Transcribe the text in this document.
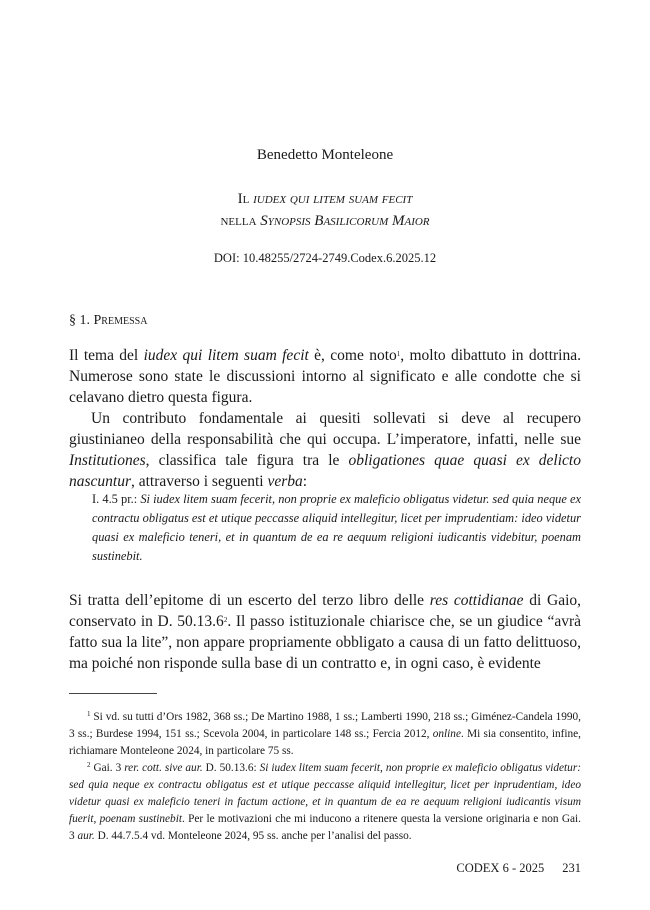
Benedetto Monteleone
Il iudex qui litem suam fecit
nella Synopsis Basilicorum Maior
DOI: 10.48255/2724-2749.Codex.6.2025.12
§ 1. Premessa

Il tema del iudex qui litem suam fecit è, come noto$^1$, molto dibattuto in dottrina. Numerose sono state le discussioni intorno al significato e alle condotte che si celavano dietro questa figura.

Un contributo fondamentale ai quesiti sollevati si deve al recupero giustinianeo della responsabilità che qui occupa. L’imperatore, infatti, nelle sue Institutiones, classifica tale figura tra le obligationes quae quasi ex delicto nascuntur, attraverso i seguenti verba:

I. 4.5 pr.: Si iudex litem suam fecerit, non proprie ex maleficio obligatus videtur. sed quia neque ex contractu obligatus est et utique peccasse aliquid intellegitur, licet per imprudentiam: ideo videtur quasi ex maleficio teneri, et in quantum de ea re aequum religioni iudicantis videbitur, poenam sustinebit.

Si tratta dell’epitome di un escerto del terzo libro delle res cottidianae di Gaio, conservato in D. 50.13.6$^2$. Il passo istituzionale chiarisce che, se un giudice “avrà fatto sua la lite”, non appare propriamente obbligato a causa di un fatto delittuoso, ma poiché non risponde sulla base di un contratto e, in ogni caso, è evidente

$^1$ Si vd. su tutti d’Ors 1982, 368 ss.; De Martino 1988, 1 ss.; Lamberti 1990, 218 ss.; Giménez-Candela 1990, 3 ss.; Burdese 1994, 151 ss.; Scevola 2004, in particolare 148 ss.; Fercia 2012, online. Mi sia consentito, infine, richiamare Monteleone 2024, in particolare 75 ss.

$^2$ Gai. 3 rer. cott. sive aur. D. 50.13.6: Si iudex litem suam fecerit, non proprie ex maleficio obligatus videtur: sed quia neque ex contractu obligatus est et utique peccasse aliquid intellegitur, licet per inprudentiam, ideo videtur quasi ex maleficio teneri in factum actione, et in quantum de ea re aequum religioni iudicantis visum fuerit, poenam sustinebit. Per le motivazioni che mi inducono a ritenere questa la versione originaria e non Gai. 3 aur. D. 44.7.5.4 vd. Monteleone 2024, 95 ss. anche per l’analisi del passo.

CODEX 6 - 2025 231
